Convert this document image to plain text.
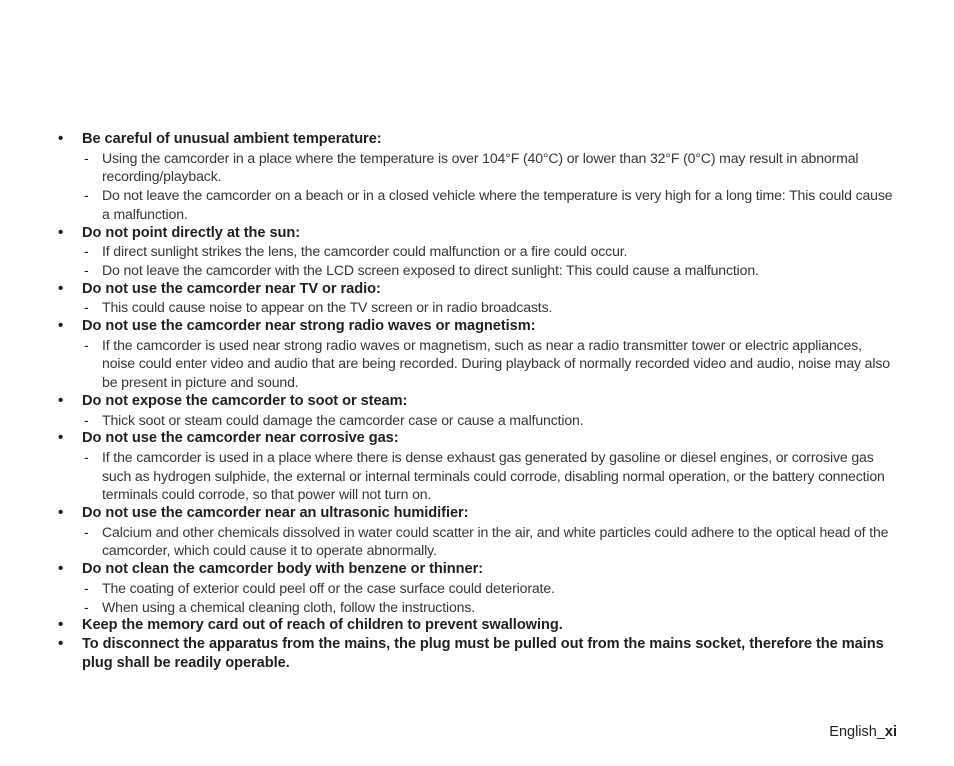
• Be careful of unusual ambient temperature:
- Using the camcorder in a place where the temperature is over 104°F (40°C) or lower than 32°F (0°C) may result in abnormal recording/playback.
- Do not leave the camcorder on a beach or in a closed vehicle where the temperature is very high for a long time: This could cause a malfunction.
• Do not point directly at the sun:
- If direct sunlight strikes the lens, the camcorder could malfunction or a fire could occur.
- Do not leave the camcorder with the LCD screen exposed to direct sunlight: This could cause a malfunction.
• Do not use the camcorder near TV or radio:
- This could cause noise to appear on the TV screen or in radio broadcasts.
• Do not use the camcorder near strong radio waves or magnetism:
- If the camcorder is used near strong radio waves or magnetism, such as near a radio transmitter tower or electric appliances, noise could enter video and audio that are being recorded. During playback of normally recorded video and audio, noise may also be present in picture and sound.
• Do not expose the camcorder to soot or steam:
- Thick soot or steam could damage the camcorder case or cause a malfunction.
• Do not use the camcorder near corrosive gas:
- If the camcorder is used in a place where there is dense exhaust gas generated by gasoline or diesel engines, or corrosive gas such as hydrogen sulphide, the external or internal terminals could corrode, disabling normal operation, or the battery connection terminals could corrode, so that power will not turn on.
• Do not use the camcorder near an ultrasonic humidifier:
- Calcium and other chemicals dissolved in water could scatter in the air, and white particles could adhere to the optical head of the camcorder, which could cause it to operate abnormally.
• Do not clean the camcorder body with benzene or thinner:
- The coating of exterior could peel off or the case surface could deteriorate.
- When using a chemical cleaning cloth, follow the instructions.
• Keep the memory card out of reach of children to prevent swallowing.
• To disconnect the apparatus from the mains, the plug must be pulled out from the mains socket, therefore the mains plug shall be readily operable.
English_xi
